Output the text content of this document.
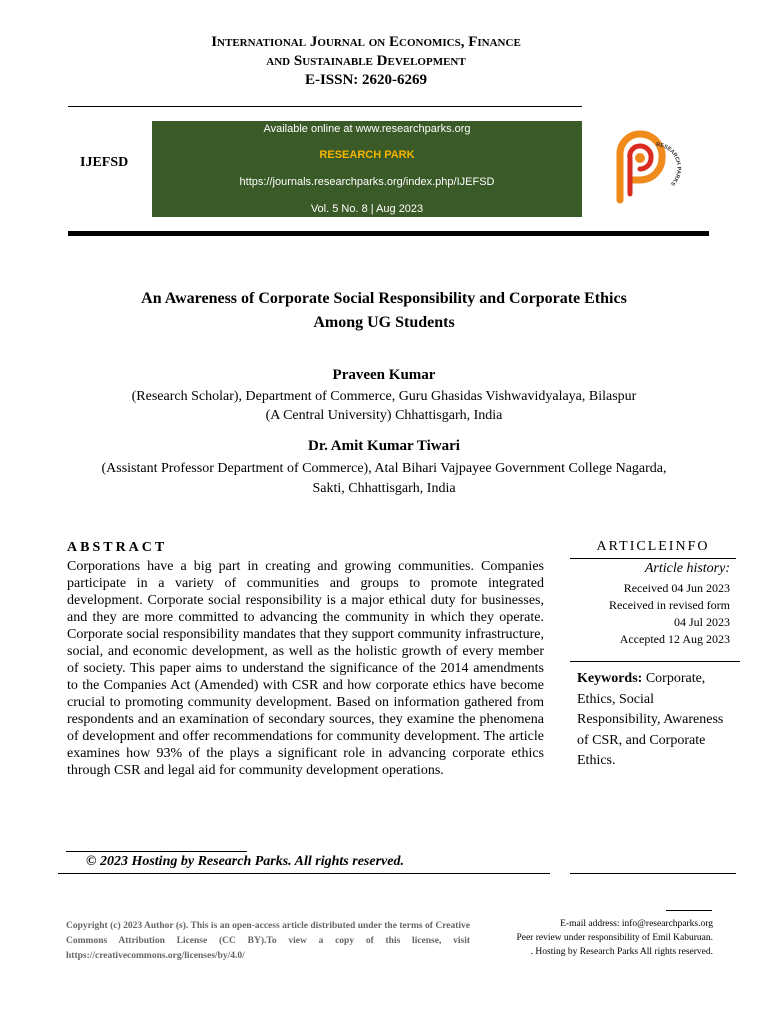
International Journal on Economics, Finance
and Sustainable Development
E-ISSN: 2620-6269
IJEFSD
Available online at www.researchparks.org
RESEARCH PARK
https://journals.researchparks.org/index.php/IJEFSD
Vol. 5 No. 8 | Aug 2023
RESEARCH PARKS
An Awareness of Corporate Social Responsibility and Corporate Ethics
Among UG Students
Praveen Kumar
(Research Scholar), Department of Commerce, Guru Ghasidas Vishwavidyalaya, Bilaspur
(A Central University) Chhattisgarh, India
Dr. Amit Kumar Tiwari
(Assistant Professor Department of Commerce), Atal Bihari Vajpayee Government College Nagarda,
Sakti, Chhattisgarh, India
ABSTRACT
Corporations have a big part in creating and growing communities. Companies participate in a variety of communities and groups to promote integrated development. Corporate social responsibility is a major ethical duty for businesses, and they are more committed to advancing the community in which they operate. Corporate social responsibility mandates that they support community infrastructure, social, and economic development, as well as the holistic growth of every member of society. This paper aims to understand the significance of the 2014 amendments to the Companies Act (Amended) with CSR and how corporate ethics have become crucial to promoting community development. Based on information gathered from respondents and an examination of secondary sources, they examine the phenomena of development and offer recommendations for community development. The article examines how 93% of the plays a significant role in advancing corporate ethics through CSR and legal aid for community development operations.
ARTICLEINFO
Article history:
Received 04 Jun 2023
Received in revised form
04 Jul 2023
Accepted 12 Aug 2023
Keywords: Corporate, Ethics, Social Responsibility, Awareness of CSR, and Corporate Ethics.
© 2023 Hosting by Research Parks. All rights reserved.
Copyright (c) 2023 Author (s). This is an open-access article distributed under the terms of Creative Commons Attribution License (CC BY).To view a copy of this license, visit https://creativecommons.org/licenses/by/4.0/
E-mail address: info@researchparks.org
Peer review under responsibility of Emil Kaburuan.
. Hosting by Research Parks All rights reserved.
